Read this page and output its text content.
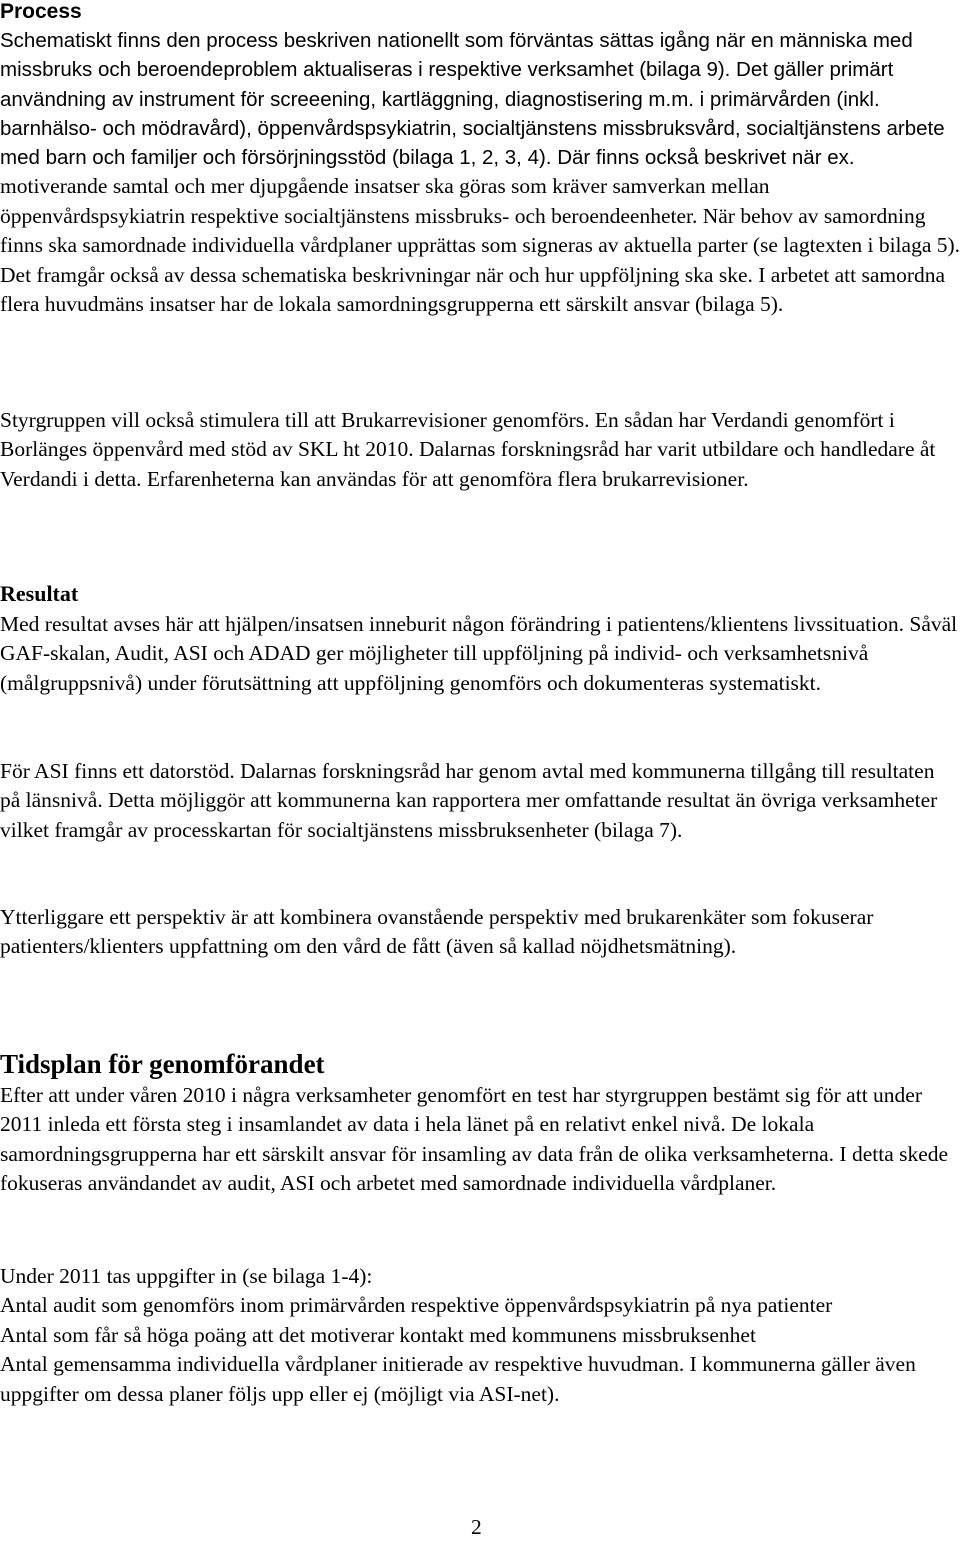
Process
Schematiskt finns den process beskriven nationellt som förväntas sättas igång när en människa med missbruks och beroendeproblem aktualiseras i respektive verksamhet (bilaga 9). Det gäller primärt användning av instrument för screeening, kartläggning, diagnostisering m.m. i primärvården (inkl. barnhälso- och mödravård), öppenvårdspsykiatrin, socialtjänstens missbruksvård, socialtjänstens arbete med barn och familjer och försörjningsstöd (bilaga 1, 2, 3, 4). Där finns också beskrivet när ex. motiverande samtal och mer djupgående insatser ska göras som kräver samverkan mellan öppenvårdspsykiatrin respektive socialtjänstens missbruks- och beroendeenheter. När behov av samordning finns ska samordnade individuella vårdplaner upprättas som signeras av aktuella parter (se lagtexten i bilaga 5). Det framgår också av dessa schematiska beskrivningar när och hur uppföljning ska ske. I arbetet att samordna flera huvudmäns insatser har de lokala samordningsgrupperna ett särskilt ansvar (bilaga 5).
Styrgruppen vill också stimulera till att Brukarrevisioner genomförs. En sådan har Verdandi genomfört i Borlänges öppenvård med stöd av SKL ht 2010. Dalarnas forskningsråd har varit utbildare och handledare åt Verdandi i detta. Erfarenheterna kan användas för att genomföra flera brukarrevisioner.
Resultat
Med resultat avses här att hjälpen/insatsen inneburit någon förändring i patientens/klientens livssituation. Såväl GAF-skalan, Audit, ASI och ADAD ger möjligheter till uppföljning på individ- och verksamhetsnivå (målgruppsnivå) under förutsättning att uppföljning genomförs och dokumenteras systematiskt.
För ASI finns ett datorstöd. Dalarnas forskningsråd har genom avtal med kommunerna tillgång till resultaten på länsnivå. Detta möjliggör att kommunerna kan rapportera mer omfattande resultat än övriga verksamheter vilket framgår av processkartan för socialtjänstens missbruksenheter (bilaga 7).
Ytterliggare ett perspektiv är att kombinera ovanstående perspektiv med brukarenkäter som fokuserar patienters/klienters uppfattning om den vård de fått (även så kallad nöjdhetsmätning).
Tidsplan för genomförandet
Efter att under våren 2010 i några verksamheter genomfört en test har styrgruppen bestämt sig för att under 2011 inleda ett första steg i insamlandet av data i hela länet på en relativt enkel nivå. De lokala samordningsgrupperna har ett särskilt ansvar för insamling av data från de olika verksamheterna. I detta skede fokuseras användandet av audit, ASI och arbetet med samordnade individuella vårdplaner.
Under 2011 tas uppgifter in (se bilaga 1-4):
Antal audit som genomförs inom primärvården respektive öppenvårdspsykiatrin på nya patienter
Antal som får så höga poäng att det motiverar kontakt med kommunens missbruksenhet
Antal gemensamma individuella vårdplaner initierade av respektive huvudman. I kommunerna gäller även uppgifter om dessa planer följs upp eller ej (möjligt via ASI-net).
2
